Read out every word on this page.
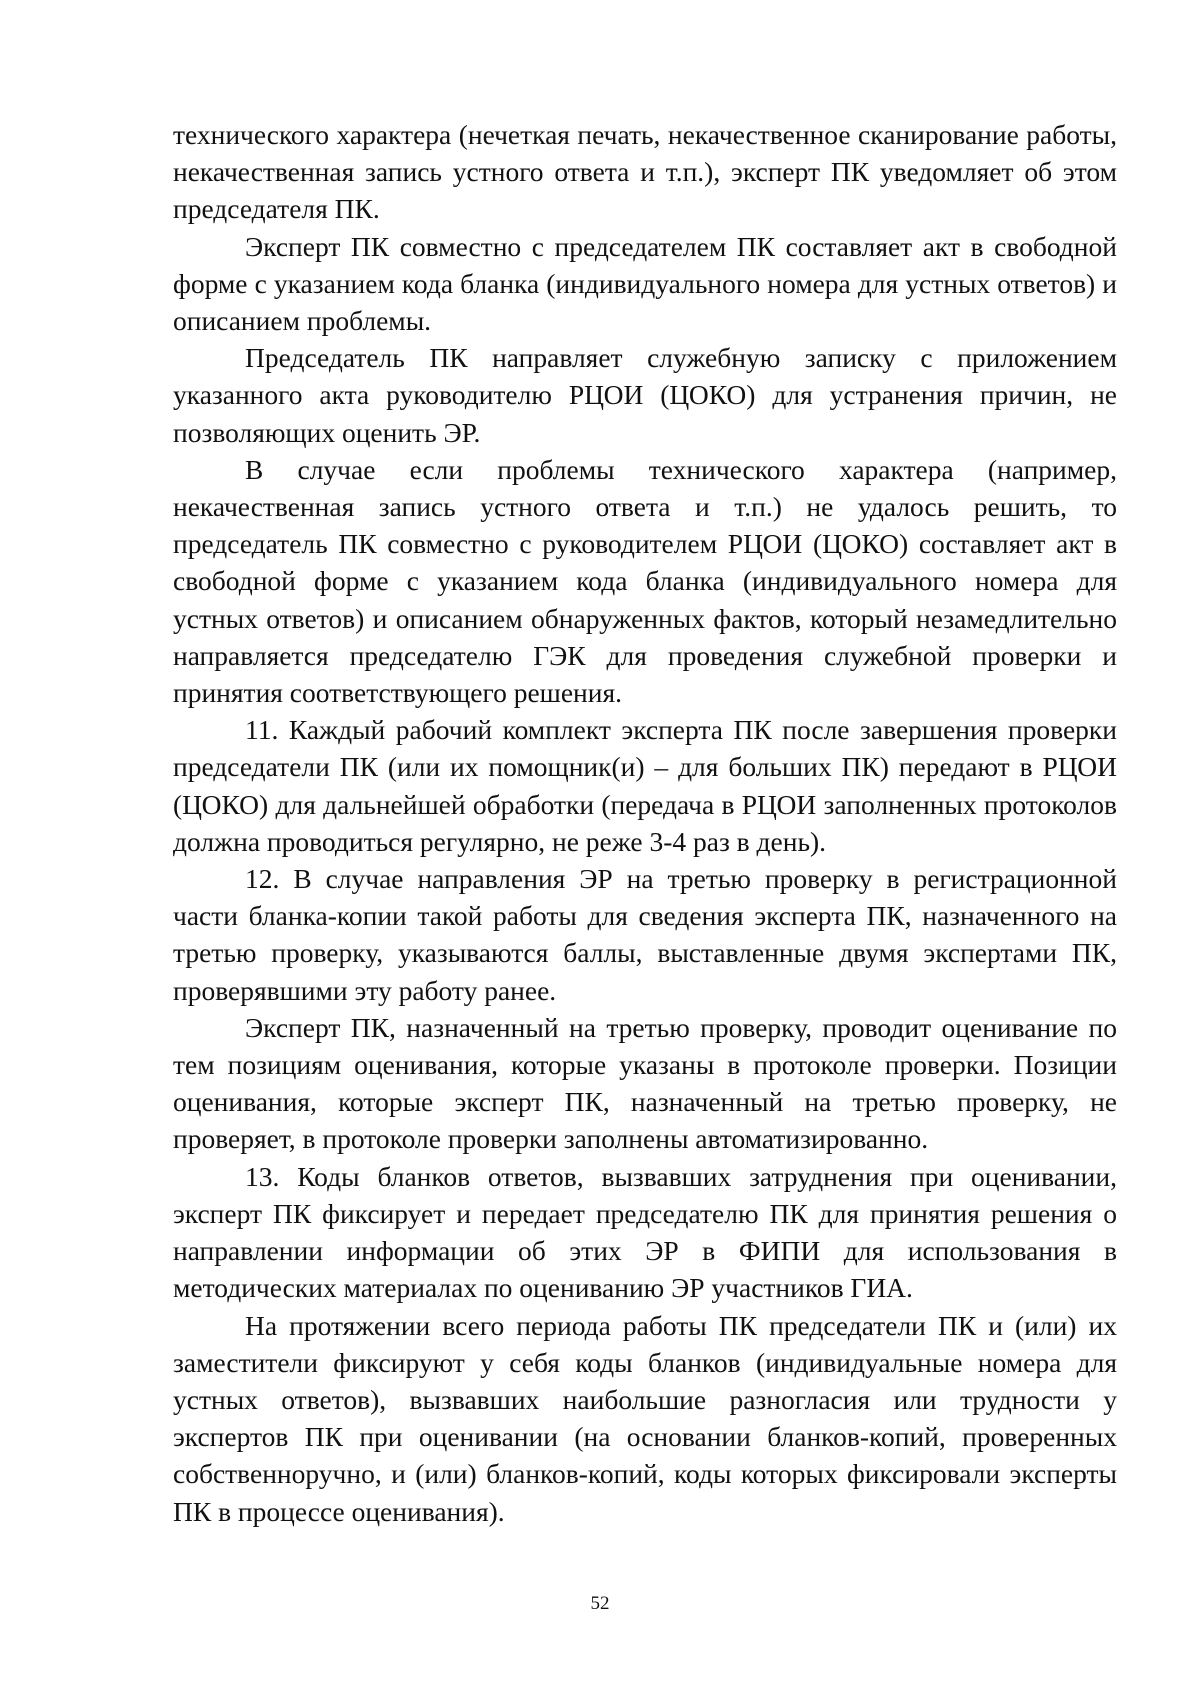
технического характера (нечеткая печать, некачественное сканирование работы, некачественная запись устного ответа и т.п.), эксперт ПК уведомляет об этом председателя ПК.

Эксперт ПК совместно с председателем ПК составляет акт в свободной форме с указанием кода бланка (индивидуального номера для устных ответов) и описанием проблемы.

Председатель ПК направляет служебную записку с приложением указанного акта руководителю РЦОИ (ЦОКО) для устранения причин, не позволяющих оценить ЭР.

В случае если проблемы технического характера (например, некачественная запись устного ответа и т.п.) не удалось решить, то председатель ПК совместно с руководителем РЦОИ (ЦОКО) составляет акт в свободной форме с указанием кода бланка (индивидуального номера для устных ответов) и описанием обнаруженных фактов, который незамедлительно направляется председателю ГЭК для проведения служебной проверки и принятия соответствующего решения.

11. Каждый рабочий комплект эксперта ПК после завершения проверки председатели ПК (или их помощник(и) – для больших ПК) передают в РЦОИ (ЦОКО) для дальнейшей обработки (передача в РЦОИ заполненных протоколов должна проводиться регулярно, не реже 3-4 раз в день).

12. В случае направления ЭР на третью проверку в регистрационной части бланка-копии такой работы для сведения эксперта ПК, назначенного на третью проверку, указываются баллы, выставленные двумя экспертами ПК, проверявшими эту работу ранее.

Эксперт ПК, назначенный на третью проверку, проводит оценивание по тем позициям оценивания, которые указаны в протоколе проверки. Позиции оценивания, которые эксперт ПК, назначенный на третью проверку, не проверяет, в протоколе проверки заполнены автоматизированно.

13. Коды бланков ответов, вызвавших затруднения при оценивании, эксперт ПК фиксирует и передает председателю ПК для принятия решения о направлении информации об этих ЭР в ФИПИ для использования в методических материалах по оцениванию ЭР участников ГИА.

На протяжении всего периода работы ПК председатели ПК и (или) их заместители фиксируют у себя коды бланков (индивидуальные номера для устных ответов), вызвавших наибольшие разногласия или трудности у экспертов ПК при оценивании (на основании бланков-копий, проверенных собственноручно, и (или) бланков-копий, коды которых фиксировали эксперты ПК в процессе оценивания).

52
